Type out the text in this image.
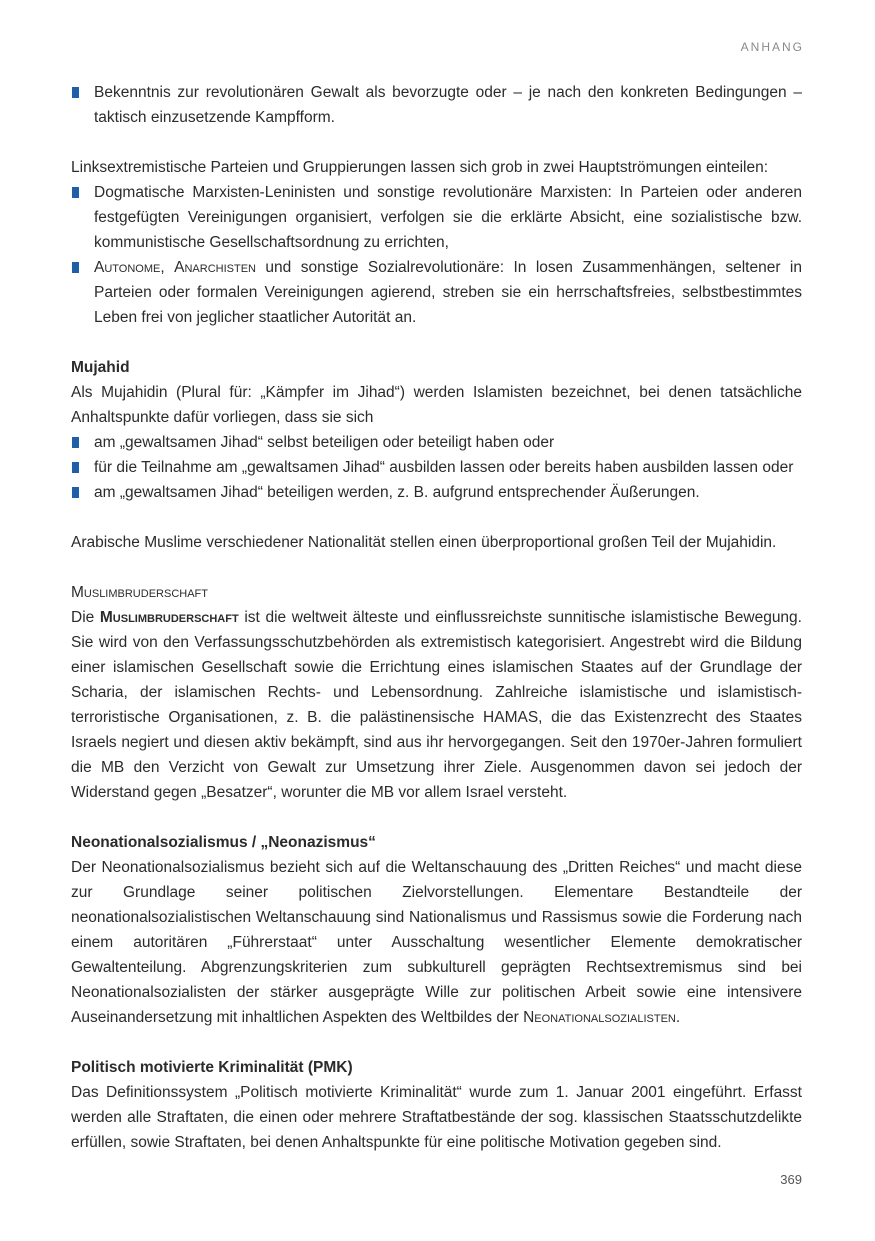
ANHANG
Bekenntnis zur revolutionären Gewalt als bevorzugte oder – je nach den konkreten Bedingungen – taktisch einzusetzende Kampfform.

Linksextremistische Parteien und Gruppierungen lassen sich grob in zwei Hauptströmungen einteilen:

Dogmatische Marxisten-Leninisten und sonstige revolutionäre Marxisten: In Parteien oder anderen festgefügten Vereinigungen organisiert, verfolgen sie die erklärte Absicht, eine sozialistische bzw. kommunistische Gesellschaftsordnung zu errichten,
Autonome, Anarchisten und sonstige Sozialrevolutionäre: In losen Zusammenhängen, seltener in Parteien oder formalen Vereinigungen agierend, streben sie ein herrschaftsfreies, selbstbestimmtes Leben frei von jeglicher staatlicher Autorität an.

Mujahid

Als Mujahidin (Plural für: „Kämpfer im Jihad“) werden Islamisten bezeichnet, bei denen tatsächliche Anhaltspunkte dafür vorliegen, dass sie sich

am „gewaltsamen Jihad“ selbst beteiligen oder beteiligt haben oder
für die Teilnahme am „gewaltsamen Jihad“ ausbilden lassen oder bereits haben ausbilden lassen oder
am „gewaltsamen Jihad“ beteiligen werden, z. B. aufgrund entsprechender Äußerungen.

Arabische Muslime verschiedener Nationalität stellen einen überproportional großen Teil der Mujahidin.

Muslimbruderschaft

Die Muslimbruderschaft ist die weltweit älteste und einflussreichste sunnitische islamistische Bewegung. Sie wird von den Verfassungsschutzbehörden als extremistisch kategorisiert. Angestrebt wird die Bildung einer islamischen Gesellschaft sowie die Errichtung eines islamischen Staates auf der Grundlage der Scharia, der islamischen Rechts- und Lebensordnung. Zahlreiche islamistische und islamistisch-terroristische Organisationen, z. B. die palästinensische HAMAS, die das Existenzrecht des Staates Israels negiert und diesen aktiv bekämpft, sind aus ihr hervorgegangen. Seit den 1970er-Jahren formuliert die MB den Verzicht von Gewalt zur Umsetzung ihrer Ziele. Ausgenommen davon sei jedoch der Widerstand gegen „Besatzer“, worunter die MB vor allem Israel versteht.

Neonationalsozialismus / „Neonazismus“

Der Neonationalsozialismus bezieht sich auf die Weltanschauung des „Dritten Reiches“ und macht diese zur Grundlage seiner politischen Zielvorstellungen. Elementare Bestandteile der neonationalsozialistischen Weltanschauung sind Nationalismus und Rassismus sowie die Forderung nach einem autoritären „Führerstaat“ unter Ausschaltung wesentlicher Elemente demokratischer Gewaltenteilung. Abgrenzungskriterien zum subkulturell geprägten Rechtsextremismus sind bei Neonationalsozialisten der stärker ausgeprägte Wille zur politischen Arbeit sowie eine intensivere Auseinandersetzung mit inhaltlichen Aspekten des Weltbildes der Neonationalsozialisten.

Politisch motivierte Kriminalität (PMK)

Das Definitionssystem „Politisch motivierte Kriminalität“ wurde zum 1. Januar 2001 eingeführt. Erfasst werden alle Straftaten, die einen oder mehrere Straftatbestände der sog. klassischen Staatsschutzdelikte erfüllen, sowie Straftaten, bei denen Anhaltspunkte für eine politische Motivation gegeben sind.

369
